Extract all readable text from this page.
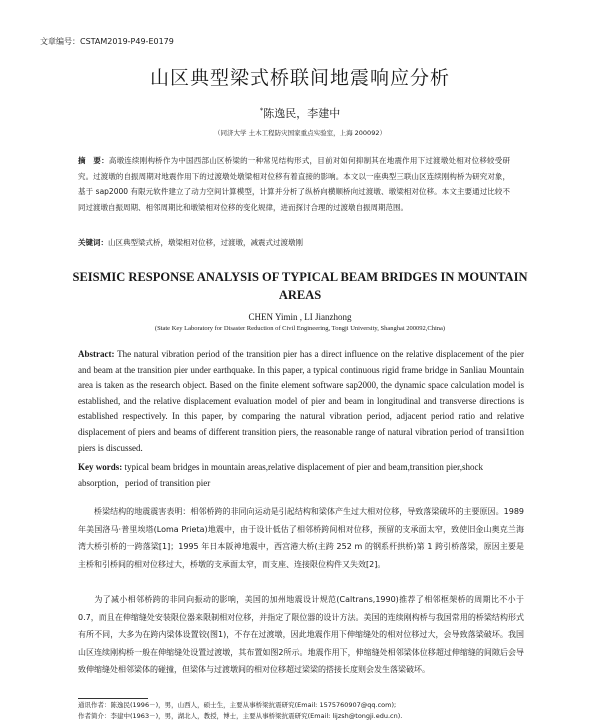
文章编号：CSTAM2019-P49-E0179
山区典型梁式桥联间地震响应分析
*陈逸民，李建中
（同济大学 土木工程防灾国家重点实验室，上海 200092）
摘　要：高墩连续刚构桥作为中国西部山区桥梁的一种常见结构形式，目前对如何抑制其在地震作用下过渡墩处相对位移较受研究。过渡墩的自振周期对地震作用下的过渡墩处墩梁相对位移有着直接的影响。本文以一座典型三联山区连续刚构桥为研究对象，基于 sap2000 有限元软件建立了动力空间计算模型，计算并分析了纵桥向横顺桥向过渡墩、墩梁相对位移。本文主要通过比较不同过渡墩自振周期、相邻周期比和墩梁相对位移的变化规律，进而探讨合理的过渡墩自振周期范围。
关键词：山区典型梁式桥，墩梁相对位移，过渡墩，减震式过渡墩刚
SEISMIC RESPONSE ANALYSIS OF TYPICAL BEAM BRIDGES IN MOUNTAIN AREAS
CHEN Yimin , LI Jianzhong
(State Key Laboratory for Disaster Reduction of Civil Engineering, Tongji University, Shanghai 200092,China)
Abstract: The natural vibration period of the transition pier has a direct influence on the relative displacement of the pier and beam at the transition pier under earthquake. In this paper, a typical continuous rigid frame bridge in Sanliau Mountain area is taken as the research object. Based on the finite element software sap2000, the dynamic space calculation model is established, and the relative displacement evaluation model of pier and beam in longitudinal and transverse directions is established respectively. In this paper, by comparing the natural vibration period, adjacent period ratio and relative displacement of piers and beams of different transition piers, the reasonable range of natural vibration period of transi1tion piers is discussed.
Key words: typical beam bridges in mountain areas,relative displacement of pier and beam,transition pier,shock absorption，period of transition pier
桥梁结构的地震震害表明：相邻桥跨的非同向运动是引起结构和梁体产生过大相对位移，导致落梁破坏的主要原因。1989 年美国洛马·普里埃塔(Loma Prieta)地震中，由于设计低估了相邻桥跨间相对位移，预留的支承面太窄，致使旧金山奥克兰海湾大桥引桥的一跨落梁[1]；1995 年日本阪神地震中，西宫港大桥(主跨 252 m 的钢系杆拱桥)第 1 跨引桥落梁，原因主要是主桥和引桥间的相对位移过大，桥墩的支承面太窄，而支座、连接限位构件又失效[2]。
为了减小相邻桥跨的非同向振动的影响，美国的加州地震设计规范(Caltrans,1990)推荐了相邻框架桥的周期比不小于 0.7，而且在伸缩缝处安装限位器来限制相对位移，并指定了限位器的设计方法。美国的连续刚构桥与我国常用的桥梁结构形式有所不同，大多为在跨内梁体设置铰(图1)，不存在过渡墩，因此地震作用下伸缩缝处的相对位移过大，会导致落梁破坏。我国山区连续刚构桥一般在伸缩缝处设置过渡墩，其布置如图2所示。地震作用下，伸缩缝处相邻梁体位移超过伸缩缝的间隙后会导致伸缩缝处相邻梁体的碰撞，但梁体与过渡墩间的相对位移超过梁梁的搭接长度则会发生落梁破坏。
通讯作者：陈逸民(1996－)，男，山西人，硕士生，主要从事桥梁抗震研究(Email: 1575760907@qq.com);
作者简介：李建中(1963－)，男，湖北人，教授，博士，主要从事桥梁抗震研究(Email: lijzsh@tongji.edu.cn).
